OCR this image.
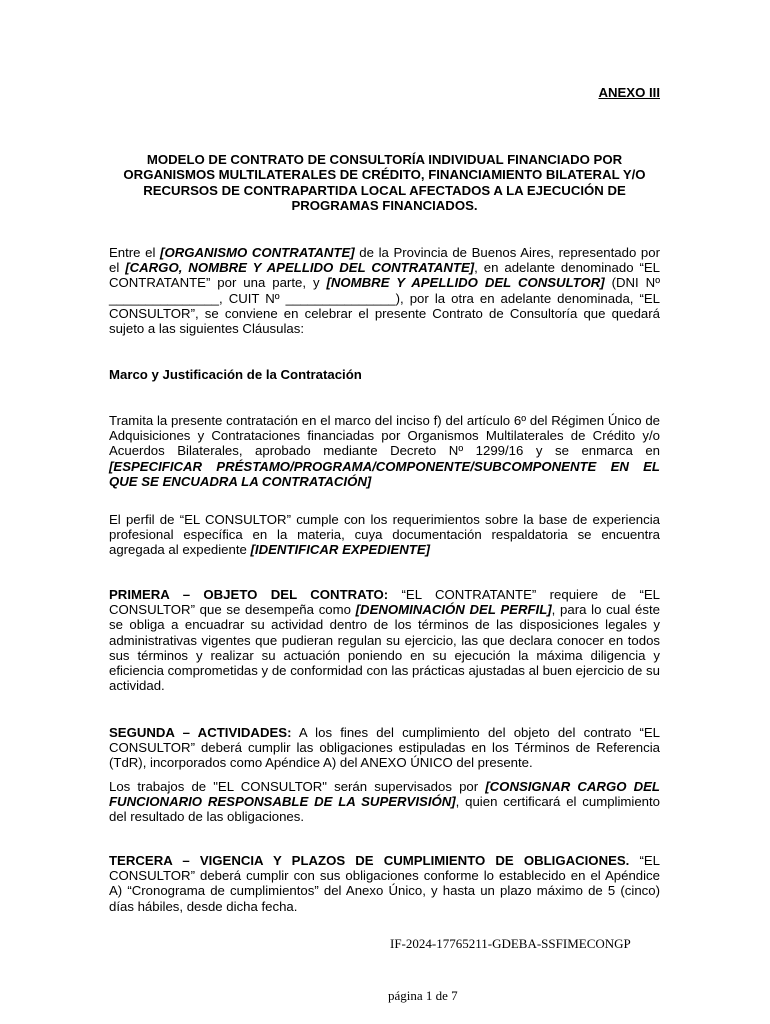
ANEXO III
MODELO DE CONTRATO DE CONSULTORÍA INDIVIDUAL FINANCIADO POR ORGANISMOS MULTILATERALES DE CRÉDITO, FINANCIAMIENTO BILATERAL Y/O RECURSOS DE CONTRAPARTIDA LOCAL AFECTADOS A LA EJECUCIÓN DE PROGRAMAS FINANCIADOS.
Entre el [ORGANISMO CONTRATANTE] de la Provincia de Buenos Aires, representado por el [CARGO, NOMBRE Y APELLIDO DEL CONTRATANTE], en adelante denominado “EL CONTRATANTE” por una parte, y [NOMBRE Y APELLIDO DEL CONSULTOR] (DNI Nº _______________, CUIT Nº _______________), por la otra en adelante denominada, “EL CONSULTOR”, se conviene en celebrar el presente Contrato de Consultoría que quedará sujeto a las siguientes Cláusulas:
Marco y Justificación de la Contratación
Tramita la presente contratación en el marco del inciso f) del artículo 6º del Régimen Único de Adquisiciones y Contrataciones financiadas por Organismos Multilaterales de Crédito y/o Acuerdos Bilaterales, aprobado mediante Decreto Nº 1299/16 y se enmarca en [ESPECIFICAR PRÉSTAMO/PROGRAMA/COMPONENTE/SUBCOMPONENTE EN EL QUE SE ENCUADRA LA CONTRATACIÓN]
El perfil de “EL CONSULTOR” cumple con los requerimientos sobre la base de experiencia profesional específica en la materia, cuya documentación respaldatoria se encuentra agregada al expediente [IDENTIFICAR EXPEDIENTE]
PRIMERA – OBJETO DEL CONTRATO: “EL CONTRATANTE” requiere de “EL CONSULTOR” que se desempeña como [DENOMINACIÓN DEL PERFIL], para lo cual éste se obliga a encuadrar su actividad dentro de los términos de las disposiciones legales y administrativas vigentes que pudieran regulan su ejercicio, las que declara conocer en todos sus términos y realizar su actuación poniendo en su ejecución la máxima diligencia y eficiencia comprometidas y de conformidad con las prácticas ajustadas al buen ejercicio de su actividad.
SEGUNDA – ACTIVIDADES: A los fines del cumplimiento del objeto del contrato “EL CONSULTOR” deberá cumplir las obligaciones estipuladas en los Términos de Referencia (TdR), incorporados como Apéndice A) del ANEXO ÚNICO del presente.
Los trabajos de "EL CONSULTOR" serán supervisados por [CONSIGNAR CARGO DEL FUNCIONARIO RESPONSABLE DE LA SUPERVISIÓN], quien certificará el cumplimiento del resultado de las obligaciones.
TERCERA – VIGENCIA Y PLAZOS DE CUMPLIMIENTO DE OBLIGACIONES. “EL CONSULTOR” deberá cumplir con sus obligaciones conforme lo establecido en el Apéndice A) “Cronograma de cumplimientos” del Anexo Único, y hasta un plazo máximo de 5 (cinco) días hábiles, desde dicha fecha.
IF-2024-17765211-GDEBA-SSFIMECONGP
página 1 de 7
